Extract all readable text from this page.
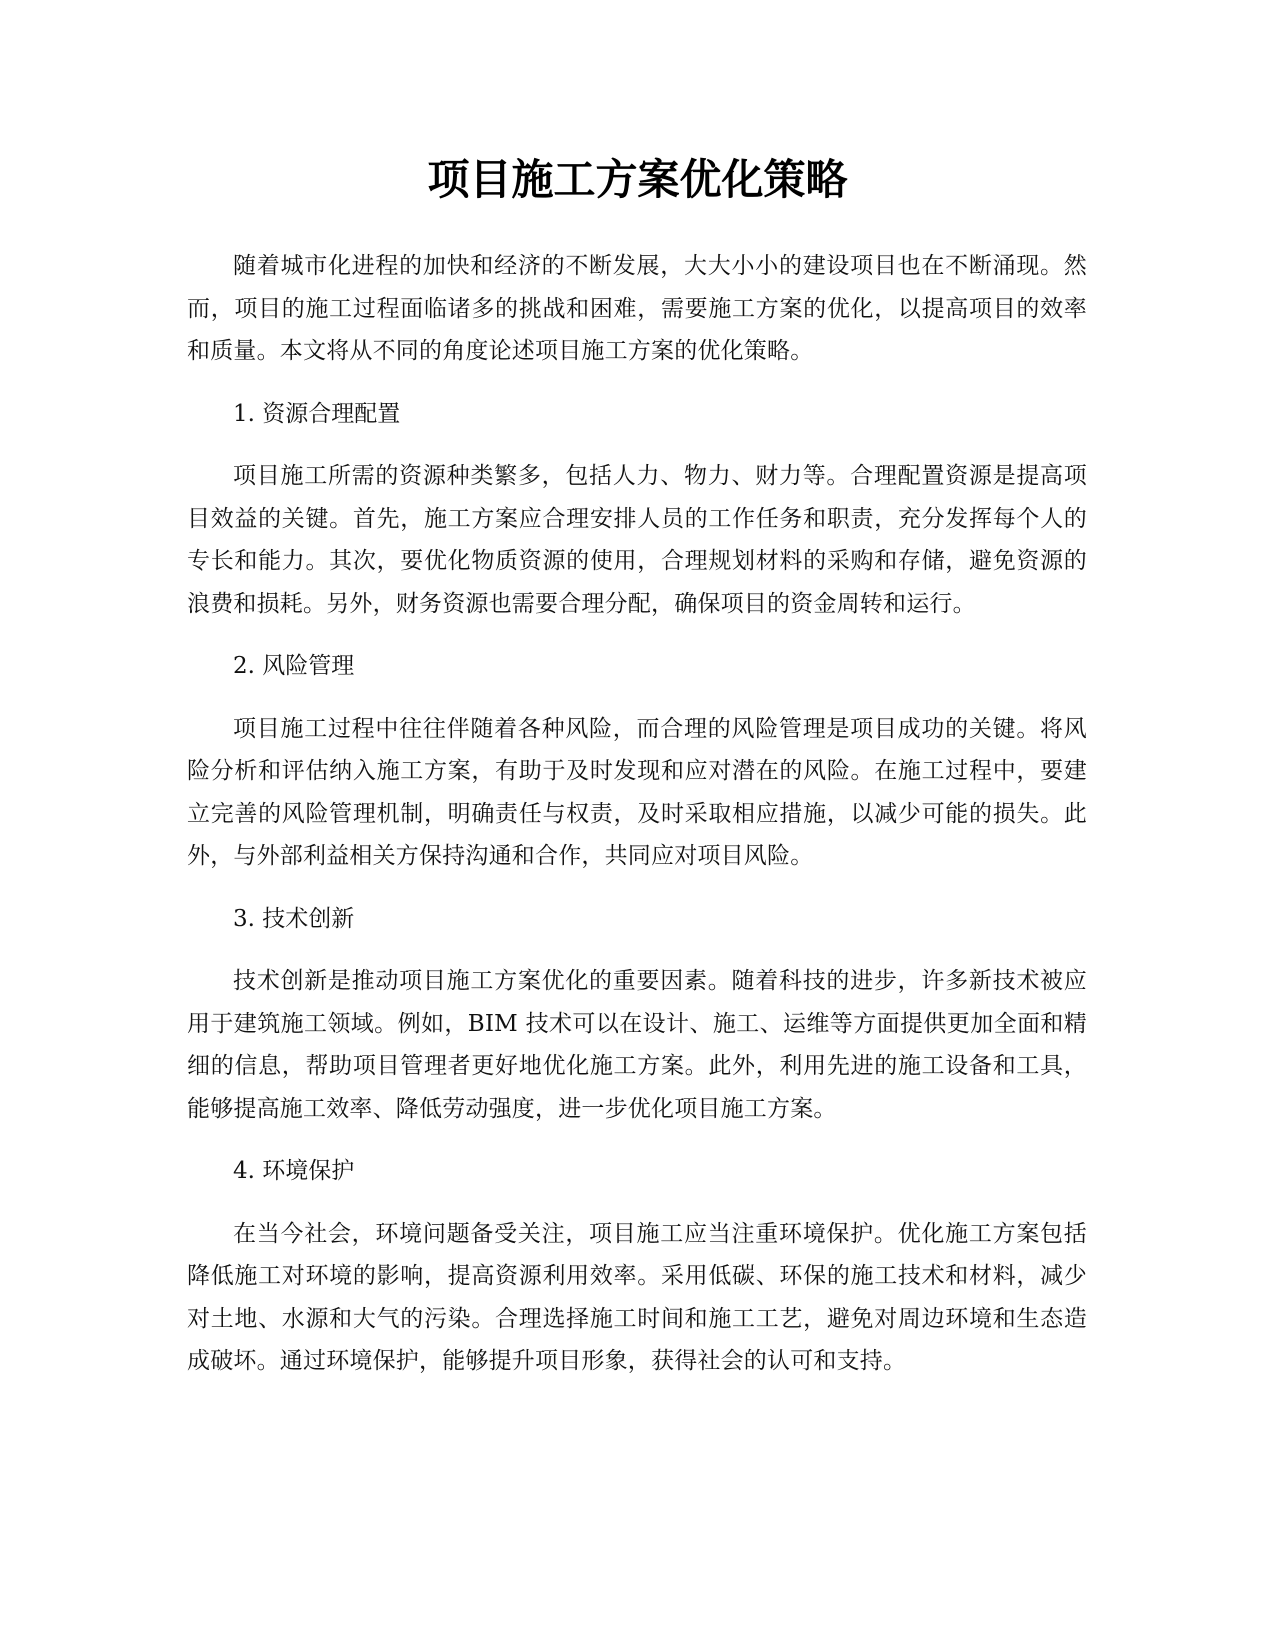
项目施工方案优化策略

随着城市化进程的加快和经济的不断发展，大大小小的建设项目也在不断涌现。然而，项目的施工过程面临诸多的挑战和困难，需要施工方案的优化，以提高项目的效率和质量。本文将从不同的角度论述项目施工方案的优化策略。

1. 资源合理配置

项目施工所需的资源种类繁多，包括人力、物力、财力等。合理配置资源是提高项目效益的关键。首先，施工方案应合理安排人员的工作任务和职责，充分发挥每个人的专长和能力。其次，要优化物质资源的使用，合理规划材料的采购和存储，避免资源的浪费和损耗。另外，财务资源也需要合理分配，确保项目的资金周转和运行。

2. 风险管理

项目施工过程中往往伴随着各种风险，而合理的风险管理是项目成功的关键。将风险分析和评估纳入施工方案，有助于及时发现和应对潜在的风险。在施工过程中，要建立完善的风险管理机制，明确责任与权责，及时采取相应措施，以减少可能的损失。此外，与外部利益相关方保持沟通和合作，共同应对项目风险。

3. 技术创新

技术创新是推动项目施工方案优化的重要因素。随着科技的进步，许多新技术被应用于建筑施工领域。例如，BIM 技术可以在设计、施工、运维等方面提供更加全面和精细的信息，帮助项目管理者更好地优化施工方案。此外，利用先进的施工设备和工具，能够提高施工效率、降低劳动强度，进一步优化项目施工方案。

4. 环境保护

在当今社会，环境问题备受关注，项目施工应当注重环境保护。优化施工方案包括降低施工对环境的影响，提高资源利用效率。采用低碳、环保的施工技术和材料，减少对土地、水源和大气的污染。合理选择施工时间和施工工艺，避免对周边环境和生态造成破坏。通过环境保护，能够提升项目形象，获得社会的认可和支持。
